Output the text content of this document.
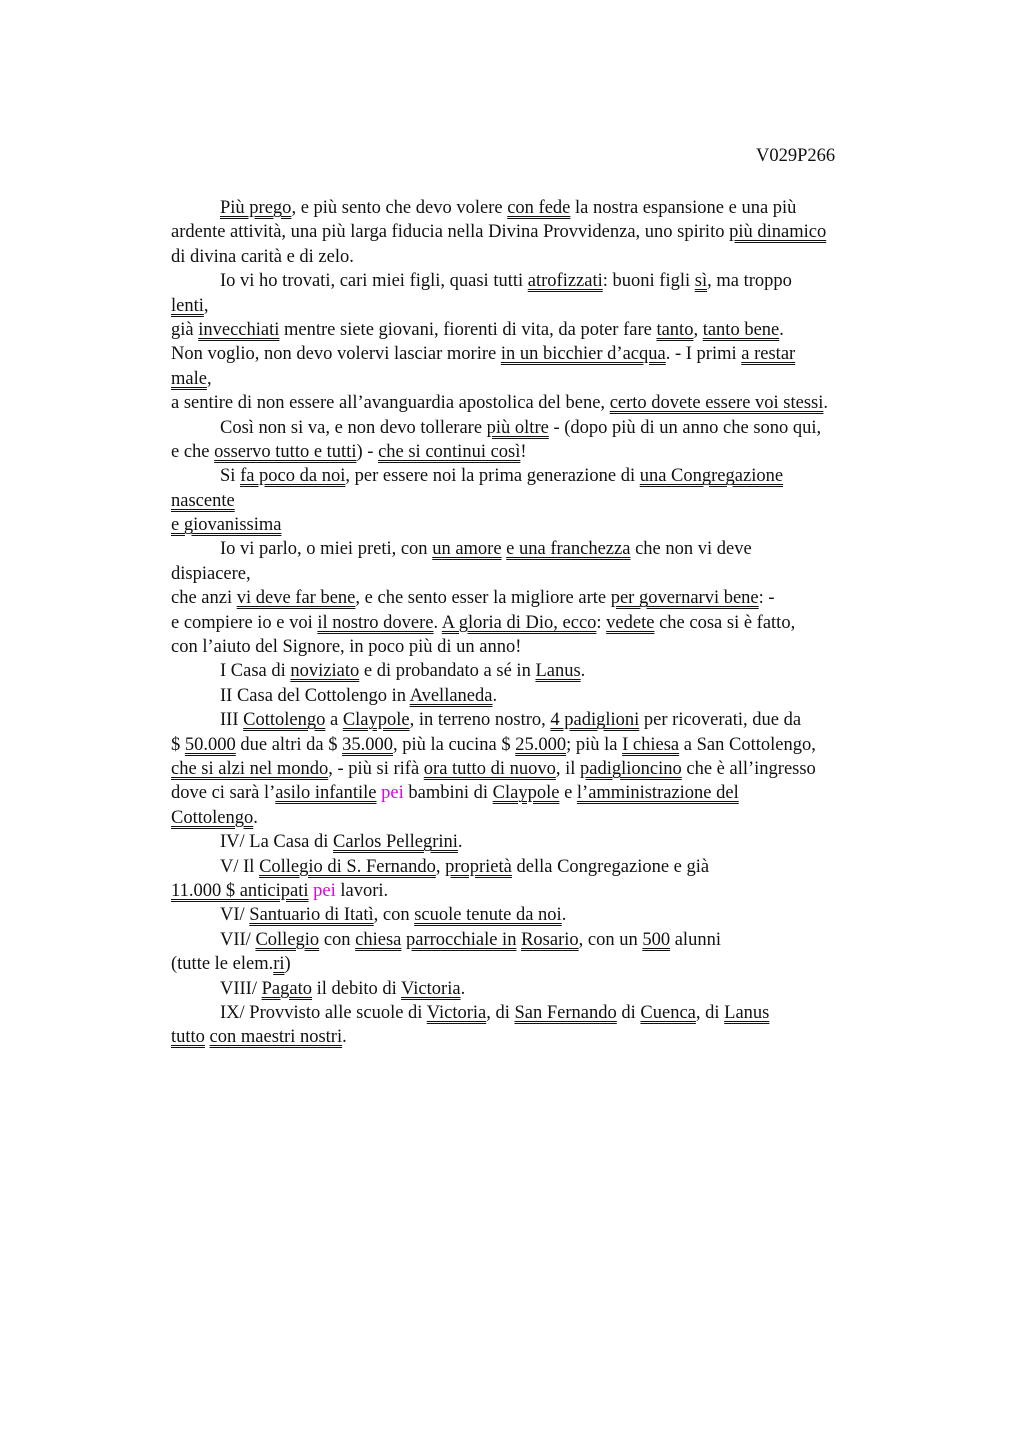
V029P266
Più prego, e più sento che devo volere con fede la nostra espansione e una più
ardente attività, una più larga fiducia nella Divina Provvidenza, uno spirito più dinamico
di divina carità e di zelo.
Io vi ho trovati, cari miei figli, quasi tutti atrofizzati: buoni figli sì, ma troppo
lenti,
già invecchiati mentre siete giovani, fiorenti di vita, da poter fare tanto, tanto bene.
Non voglio, non devo volervi lasciar morire in un bicchier d’acqua. - I primi a restar
male,
a sentire di non essere all’avanguardia apostolica del bene, certo dovete essere voi stessi.
Così non si va, e non devo tollerare più oltre - (dopo più di un anno che sono qui,
e che osservo tutto e tutti) - che si continui così!
Si fa poco da noi, per essere noi la prima generazione di una Congregazione
nascente
e giovanissima
Io vi parlo, o miei preti, con un amore e una franchezza che non vi deve
dispiacere,
che anzi vi deve far bene, e che sento esser la migliore arte per governarvi bene: -
e compiere io e voi il nostro dovere. A gloria di Dio, ecco: vedete che cosa si è fatto,
con l’aiuto del Signore, in poco più di un anno!
I Casa di noviziato e di probandato a sé in Lanus.
II Casa del Cottolengo in Avellaneda.
III Cottolengo a Claypole, in terreno nostro, 4 padiglioni per ricoverati, due da
$ 50.000 due altri da $ 35.000, più la cucina $ 25.000; più la I chiesa a San Cottolengo,
che si alzi nel mondo, - più si rifà ora tutto di nuovo, il padiglioncino che è all’ingresso
dove ci sarà l’asilo infantile pei bambini di Claypole e l’amministrazione del
Cottolengo.
IV/ La Casa di Carlos Pellegrini.
V/ Il Collegio di S. Fernando, proprietà della Congregazione e già
11.000 $ anticipati pei lavori.
VI/ Santuario di Itatì, con scuole tenute da noi.
VII/ Collegio con chiesa parrocchiale in Rosario, con un 500 alunni
(tutte le elem.ri)
VIII/ Pagato il debito di Victoria.
IX/ Provvisto alle scuole di Victoria, di San Fernando di Cuenca, di Lanus
tutto con maestri nostri.
